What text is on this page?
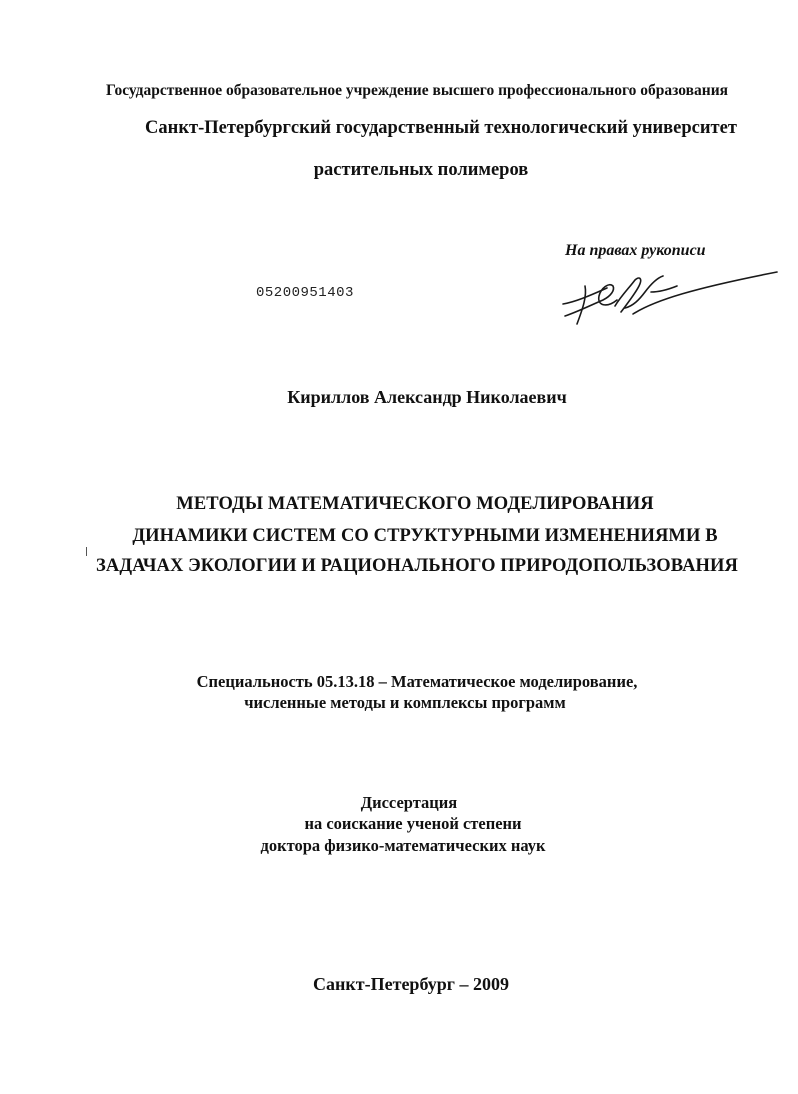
Государственное образовательное учреждение высшего профессионального образования
Санкт-Петербургский государственный технологический университет
растительных полимеров
На правах рукописи
05200951403
Кириллов Александр Николаевич
МЕТОДЫ МАТЕМАТИЧЕСКОГО МОДЕЛИРОВАНИЯ
ДИНАМИКИ СИСТЕМ СО СТРУКТУРНЫМИ ИЗМЕНЕНИЯМИ В
ЗАДАЧАХ ЭКОЛОГИИ И РАЦИОНАЛЬНОГО ПРИРОДОПОЛЬЗОВАНИЯ
Специальность 05.13.18 – Математическое моделирование,
численные методы и комплексы программ
Диссертация
на соискание ученой степени
доктора физико-математических наук
Санкт-Петербург – 2009
